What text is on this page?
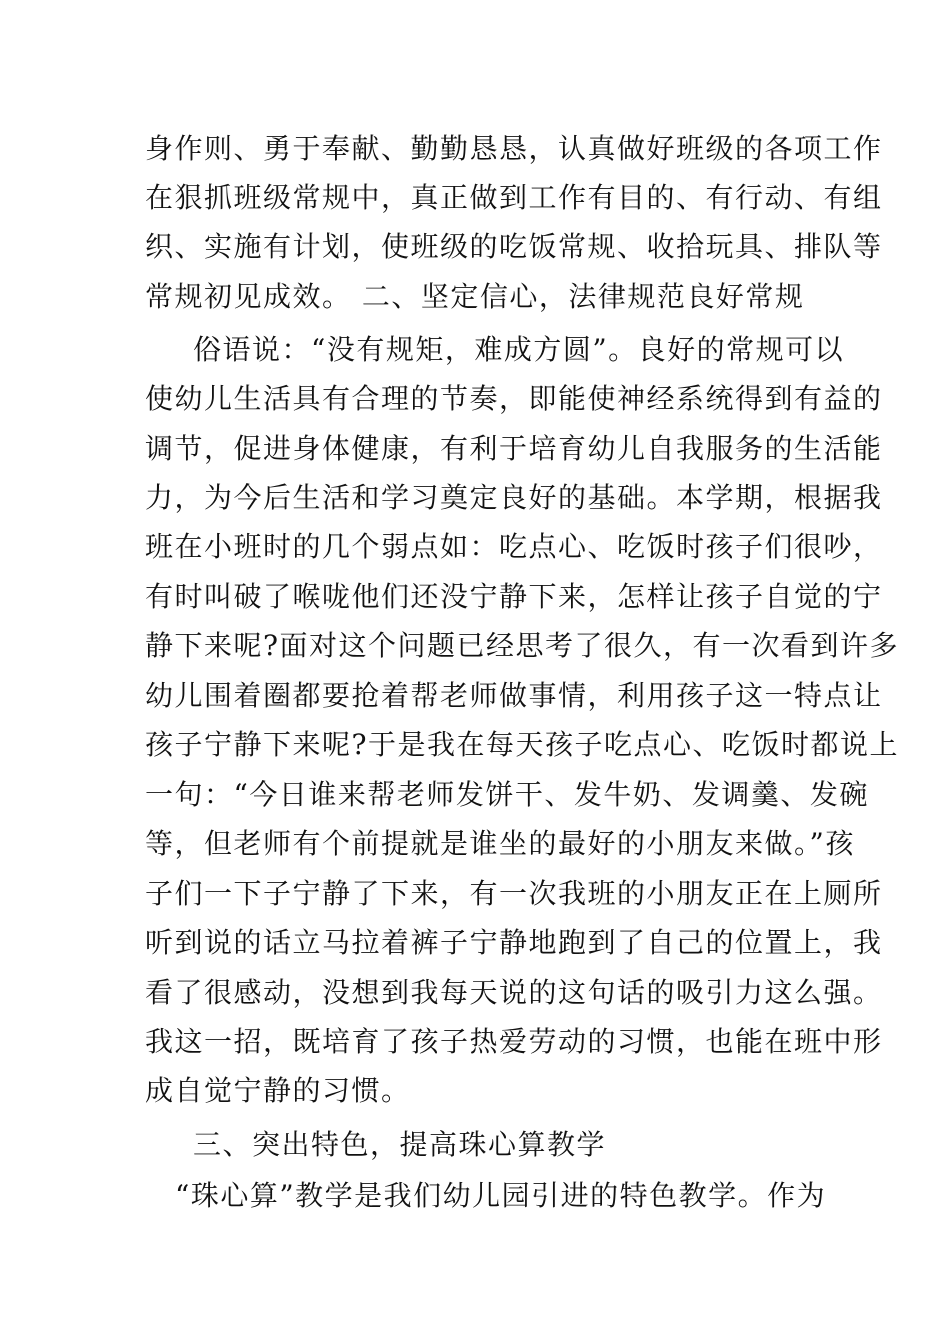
身作则、勇于奉献、勤勤恳恳，认真做好班级的各项工作
在狠抓班级常规中，真正做到工作有目的、有行动、有组
织、实施有计划，使班级的吃饭常规、收拾玩具、排队等
常规初见成效。 二、坚定信心，法律规范良好常规
俗语说：“没有规矩，难成方圆”。良好的常规可以
使幼儿生活具有合理的节奏，即能使神经系统得到有益的
调节，促进身体健康，有利于培育幼儿自我服务的生活能
力，为今后生活和学习奠定良好的基础。本学期，根据我
班在小班时的几个弱点如：吃点心、吃饭时孩子们很吵，
有时叫破了喉咙他们还没宁静下来，怎样让孩子自觉的宁
静下来呢?面对这个问题已经思考了很久，有一次看到许多
幼儿围着圈都要抢着帮老师做事情，利用孩子这一特点让
孩子宁静下来呢?于是我在每天孩子吃点心、吃饭时都说上
一句：“今日谁来帮老师发饼干、发牛奶、发调羹、发碗
等，但老师有个前提就是谁坐的最好的小朋友来做。”孩
子们一下子宁静了下来，有一次我班的小朋友正在上厕所
听到说的话立马拉着裤子宁静地跑到了自己的位置上，我
看了很感动，没想到我每天说的这句话的吸引力这么强。
我这一招，既培育了孩子热爱劳动的习惯，也能在班中形
成自觉宁静的习惯。
三、突出特色，提高珠心算教学
“珠心算”教学是我们幼儿园引进的特色教学。作为
